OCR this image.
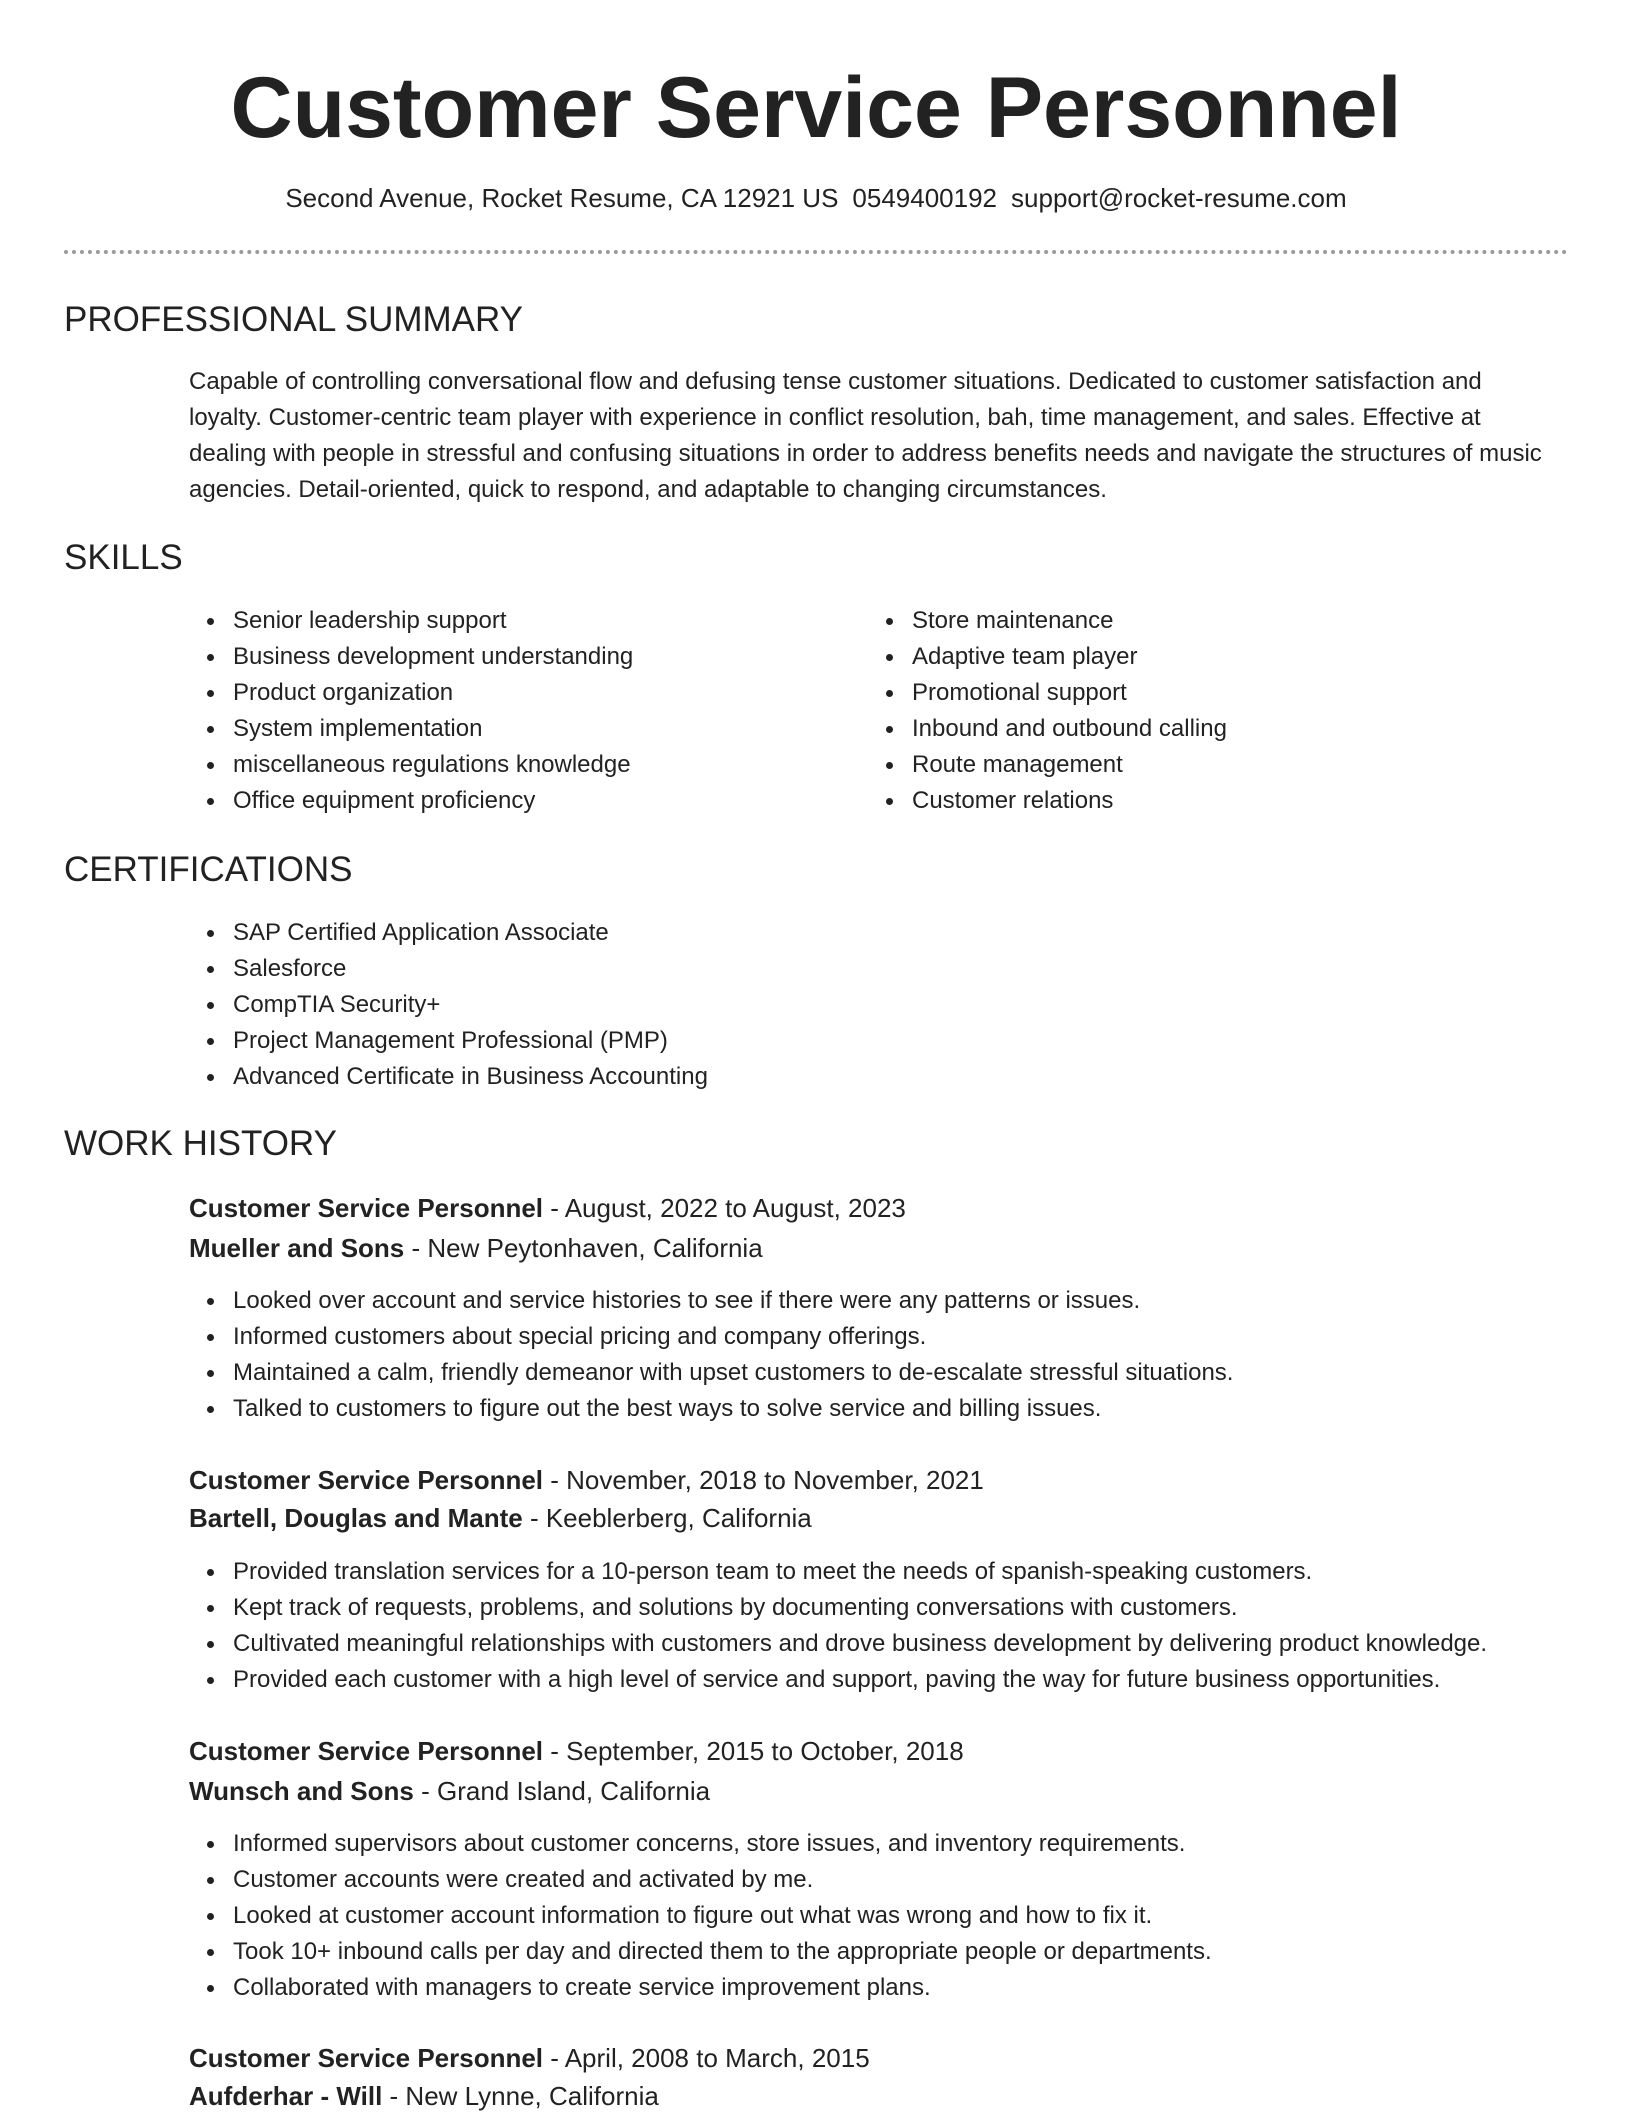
Customer Service Personnel
Second Avenue, Rocket Resume, CA 12921 US 0549400192 support@rocket-resume.com
PROFESSIONAL SUMMARY

Capable of controlling conversational flow and defusing tense customer situations. Dedicated to customer satisfaction and loyalty. Customer-centric team player with experience in conflict resolution, bah, time management, and sales. Effective at dealing with people in stressful and confusing situations in order to address benefits needs and navigate the structures of music agencies. Detail-oriented, quick to respond, and adaptable to changing circumstances.

SKILLS
Senior leadership support
Business development understanding
Product organization
System implementation
miscellaneous regulations knowledge
Office equipment proficiency
Store maintenance
Adaptive team player
Promotional support
Inbound and outbound calling
Route management
Customer relations
CERTIFICATIONS
SAP Certified Application Associate
Salesforce
CompTIA Security+
Project Management Professional (PMP)
Advanced Certificate in Business Accounting
WORK HISTORY
Customer Service Personnel - August, 2022 to August, 2023
Mueller and Sons - New Peytonhaven, California
Looked over account and service histories to see if there were any patterns or issues.
Informed customers about special pricing and company offerings.
Maintained a calm, friendly demeanor with upset customers to de-escalate stressful situations.
Talked to customers to figure out the best ways to solve service and billing issues.
Customer Service Personnel - November, 2018 to November, 2021
Bartell, Douglas and Mante - Keeblerberg, California
Provided translation services for a 10-person team to meet the needs of spanish-speaking customers.
Kept track of requests, problems, and solutions by documenting conversations with customers.
Cultivated meaningful relationships with customers and drove business development by delivering product knowledge.
Provided each customer with a high level of service and support, paving the way for future business opportunities.
Customer Service Personnel - September, 2015 to October, 2018
Wunsch and Sons - Grand Island, California
Informed supervisors about customer concerns, store issues, and inventory requirements.
Customer accounts were created and activated by me.
Looked at customer account information to figure out what was wrong and how to fix it.
Took 10+ inbound calls per day and directed them to the appropriate people or departments.
Collaborated with managers to create service improvement plans.
Customer Service Personnel - April, 2008 to March, 2015
Aufderhar - Will - New Lynne, California
